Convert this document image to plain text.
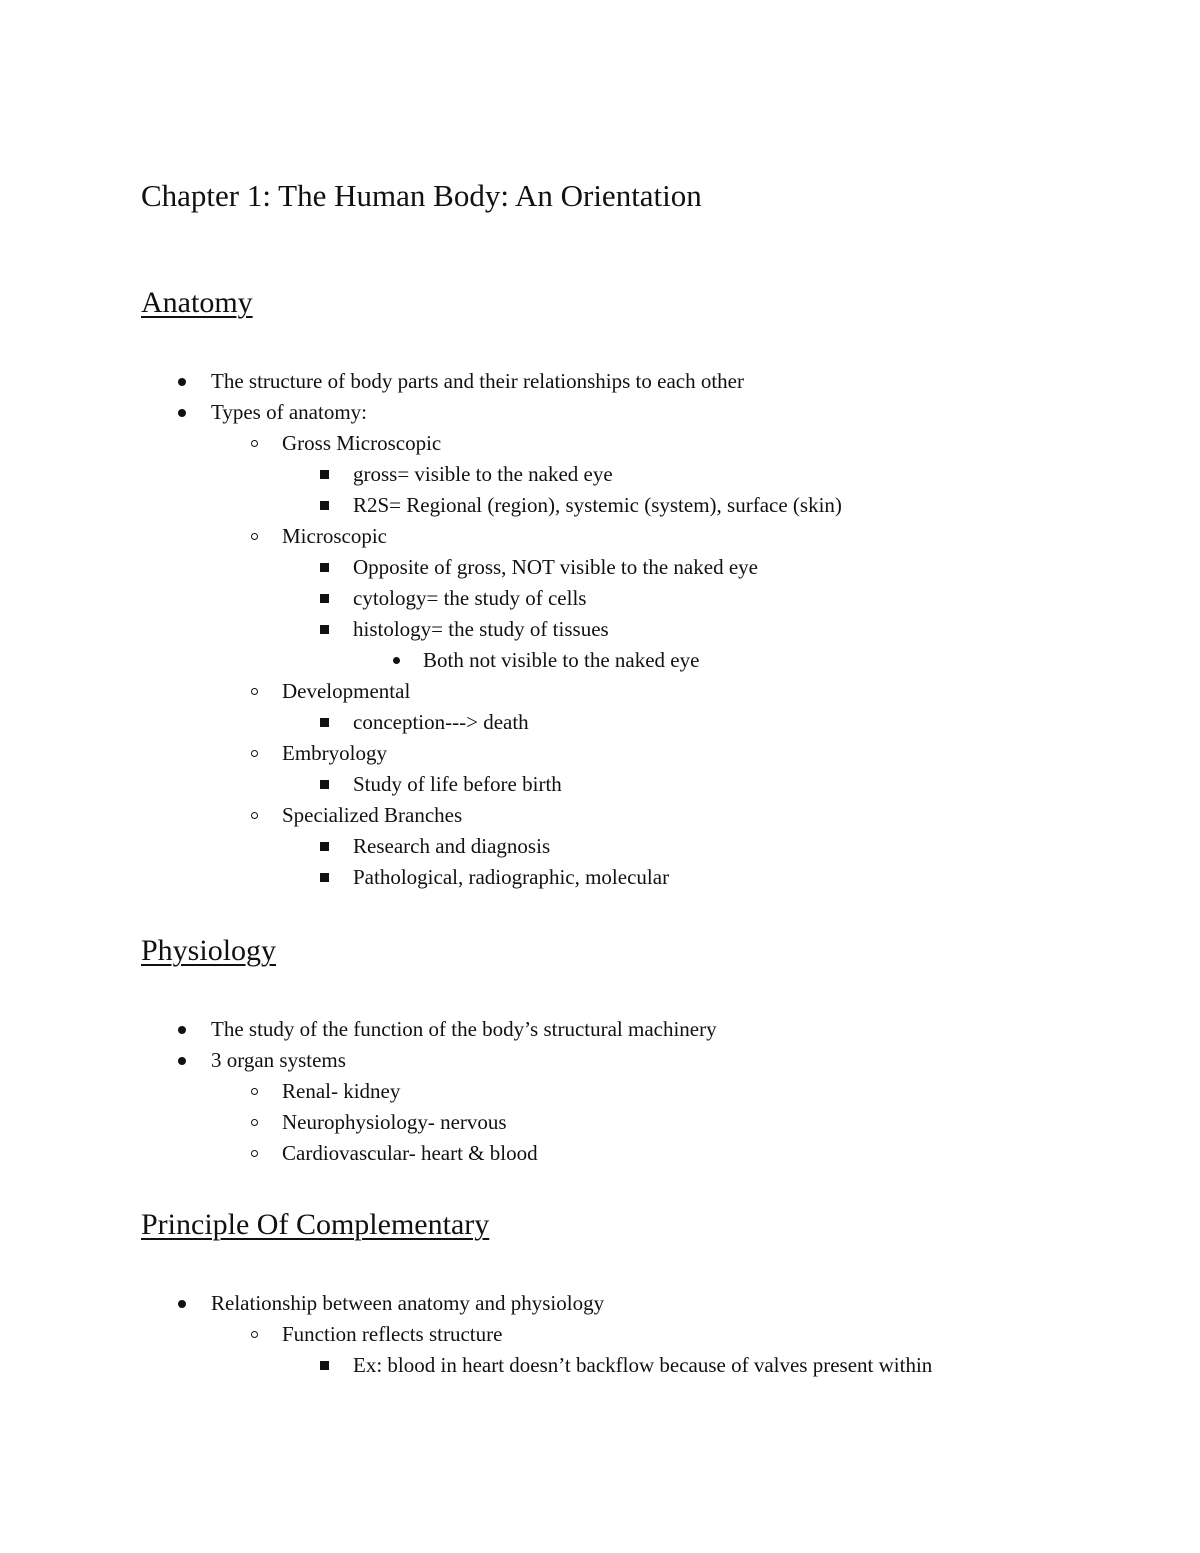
Chapter 1: The Human Body: An Orientation
Anatomy
The structure of body parts and their relationships to each other
Types of anatomy:
Gross Microscopic
gross= visible to the naked eye
R2S= Regional (region), systemic (system), surface (skin)
Microscopic
Opposite of gross, NOT visible to the naked eye
cytology= the study of cells
histology= the study of tissues
Both not visible to the naked eye
Developmental
conception---> death
Embryology
Study of life before birth
Specialized Branches
Research and diagnosis
Pathological, radiographic, molecular
Physiology
The study of the function of the body’s structural machinery
3 organ systems
Renal- kidney
Neurophysiology- nervous
Cardiovascular- heart & blood
Principle Of Complementary
Relationship between anatomy and physiology
Function reflects structure
Ex: blood in heart doesn’t backflow because of valves present within
